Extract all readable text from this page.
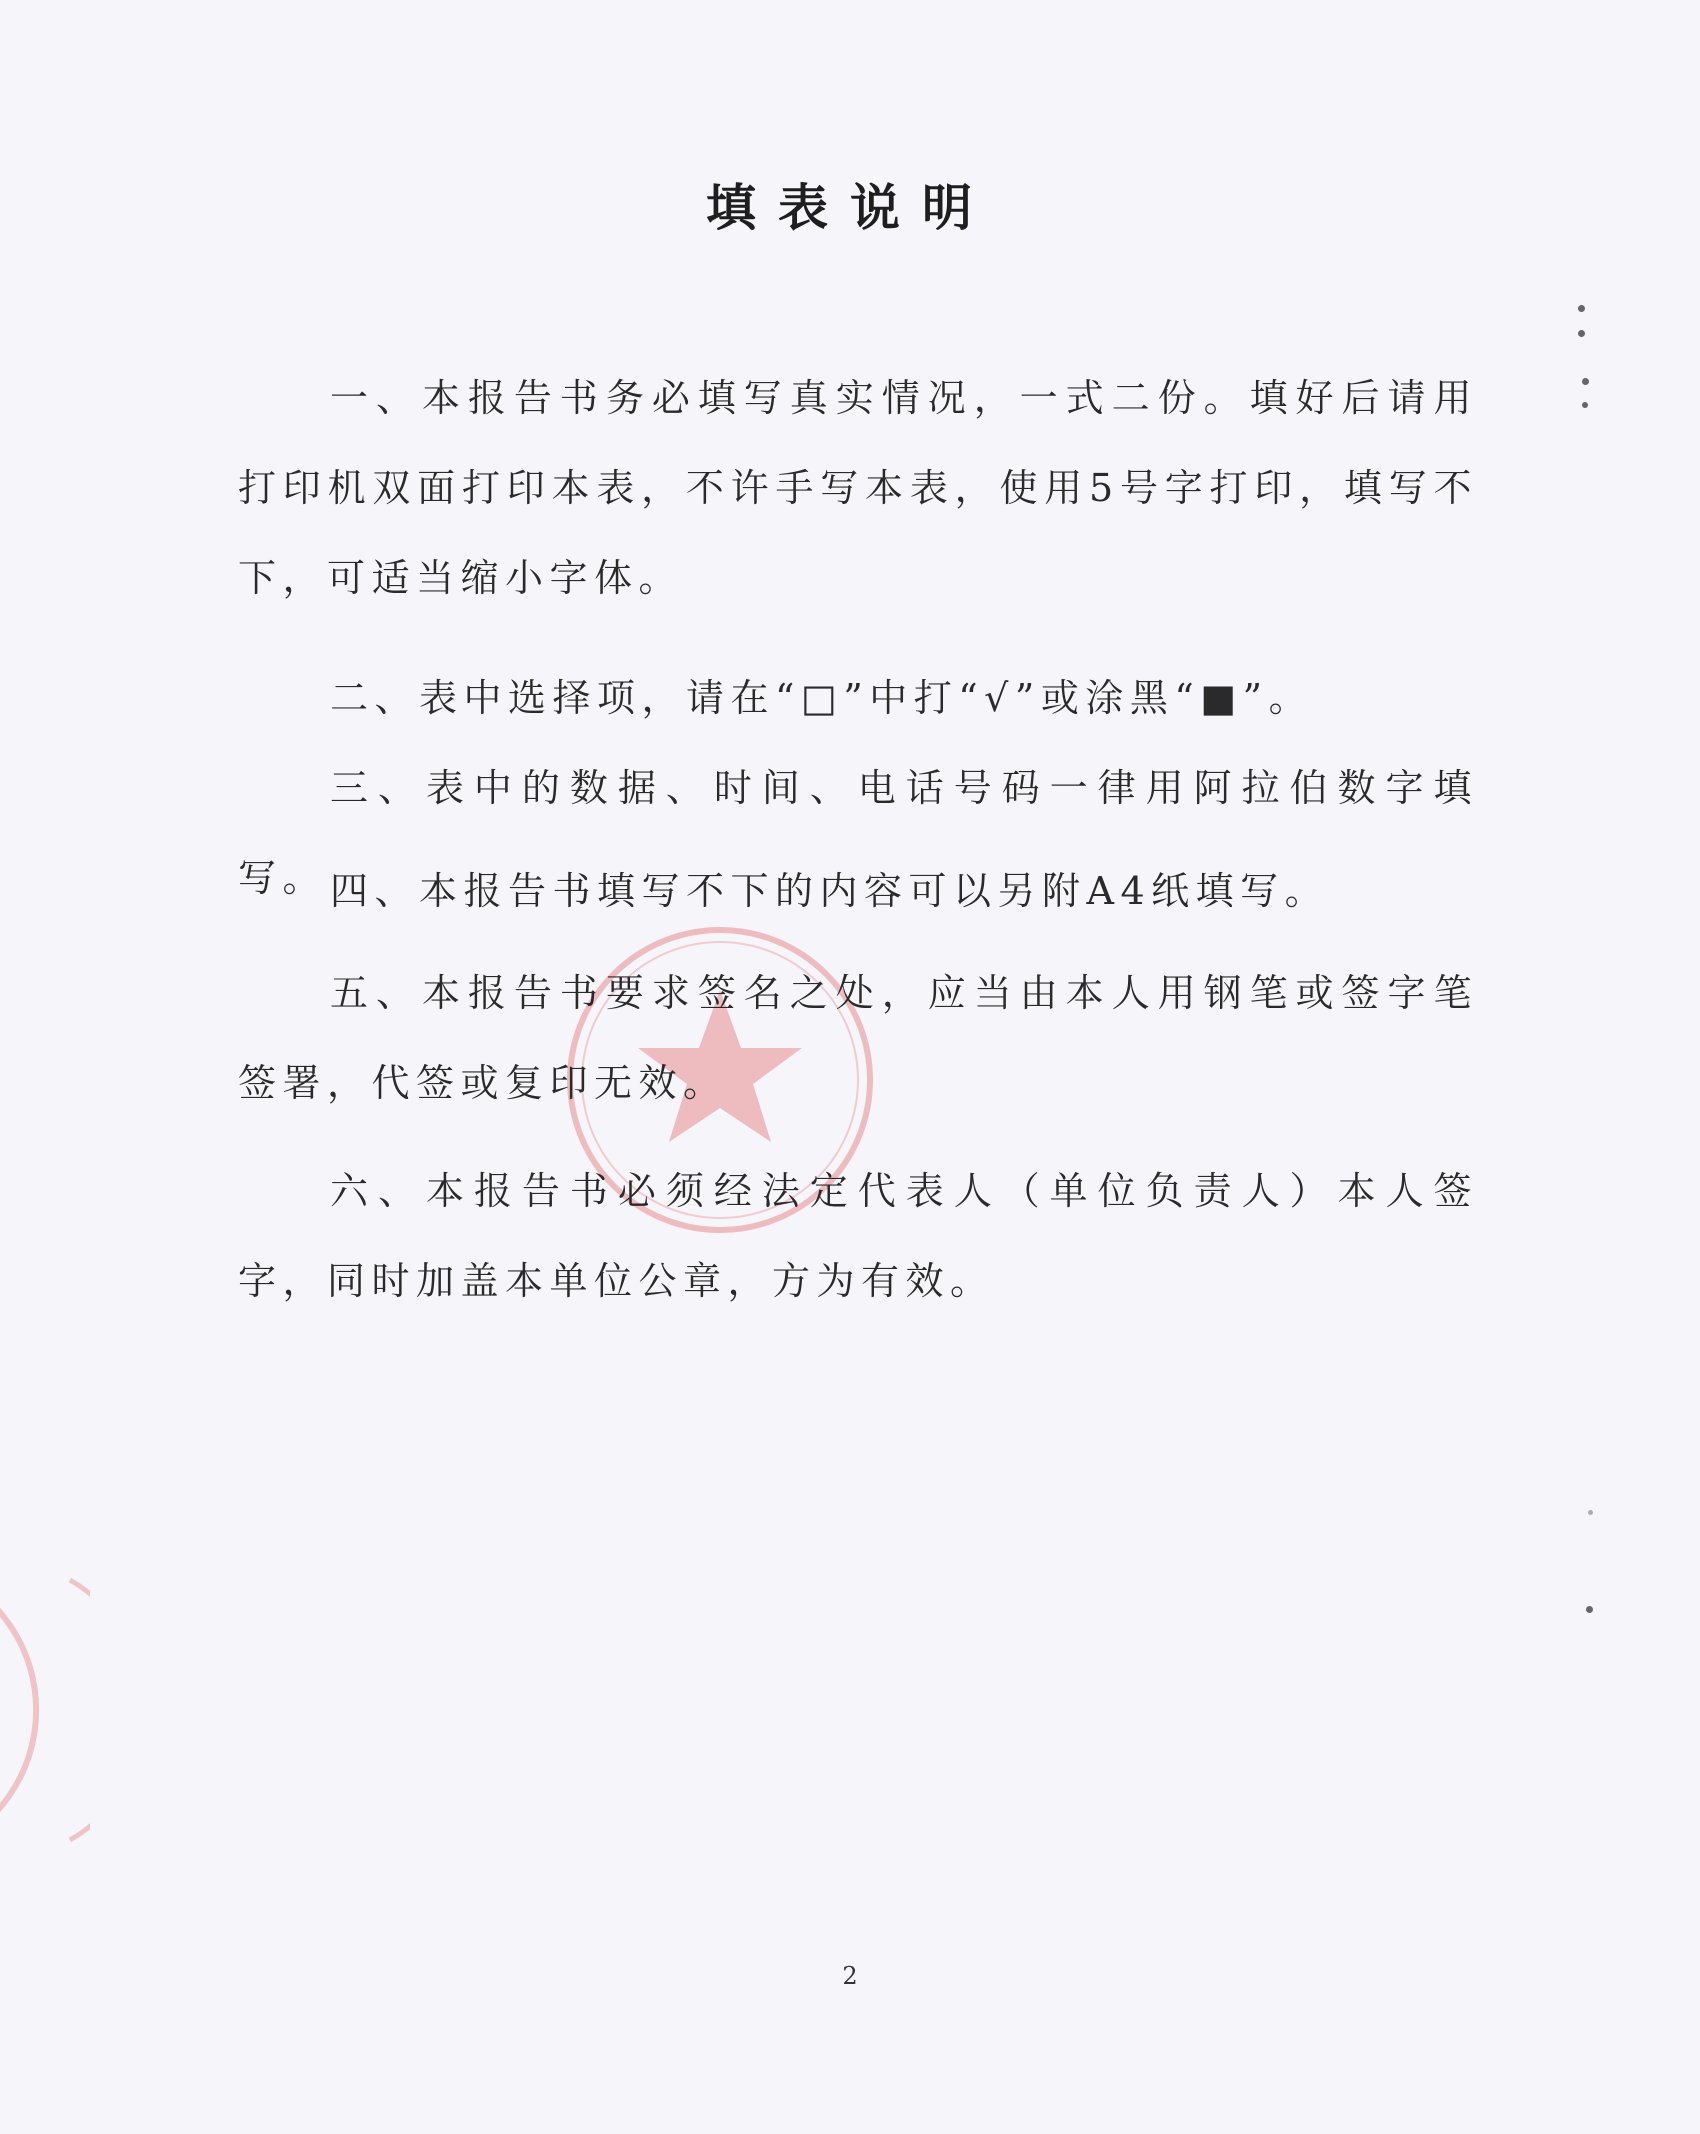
填表说明
一、本报告书务必填写真实情况，一式二份。填好后请用打印机双面打印本表，不许手写本表，使用5号字打印，填写不下，可适当缩小字体。
二、表中选择项，请在“□”中打“√”或涂黑“■”。
三、表中的数据、时间、电话号码一律用阿拉伯数字填写。 四、本报告书填写不下的内容可以另附A4纸填写。
五、本报告书要求签名之处，应当由本人用钢笔或签字笔签署，代签或复印无效。
六、本报告书必须经法定代表人（单位负责人）本人签字，同时加盖本单位公章，方为有效。
2
